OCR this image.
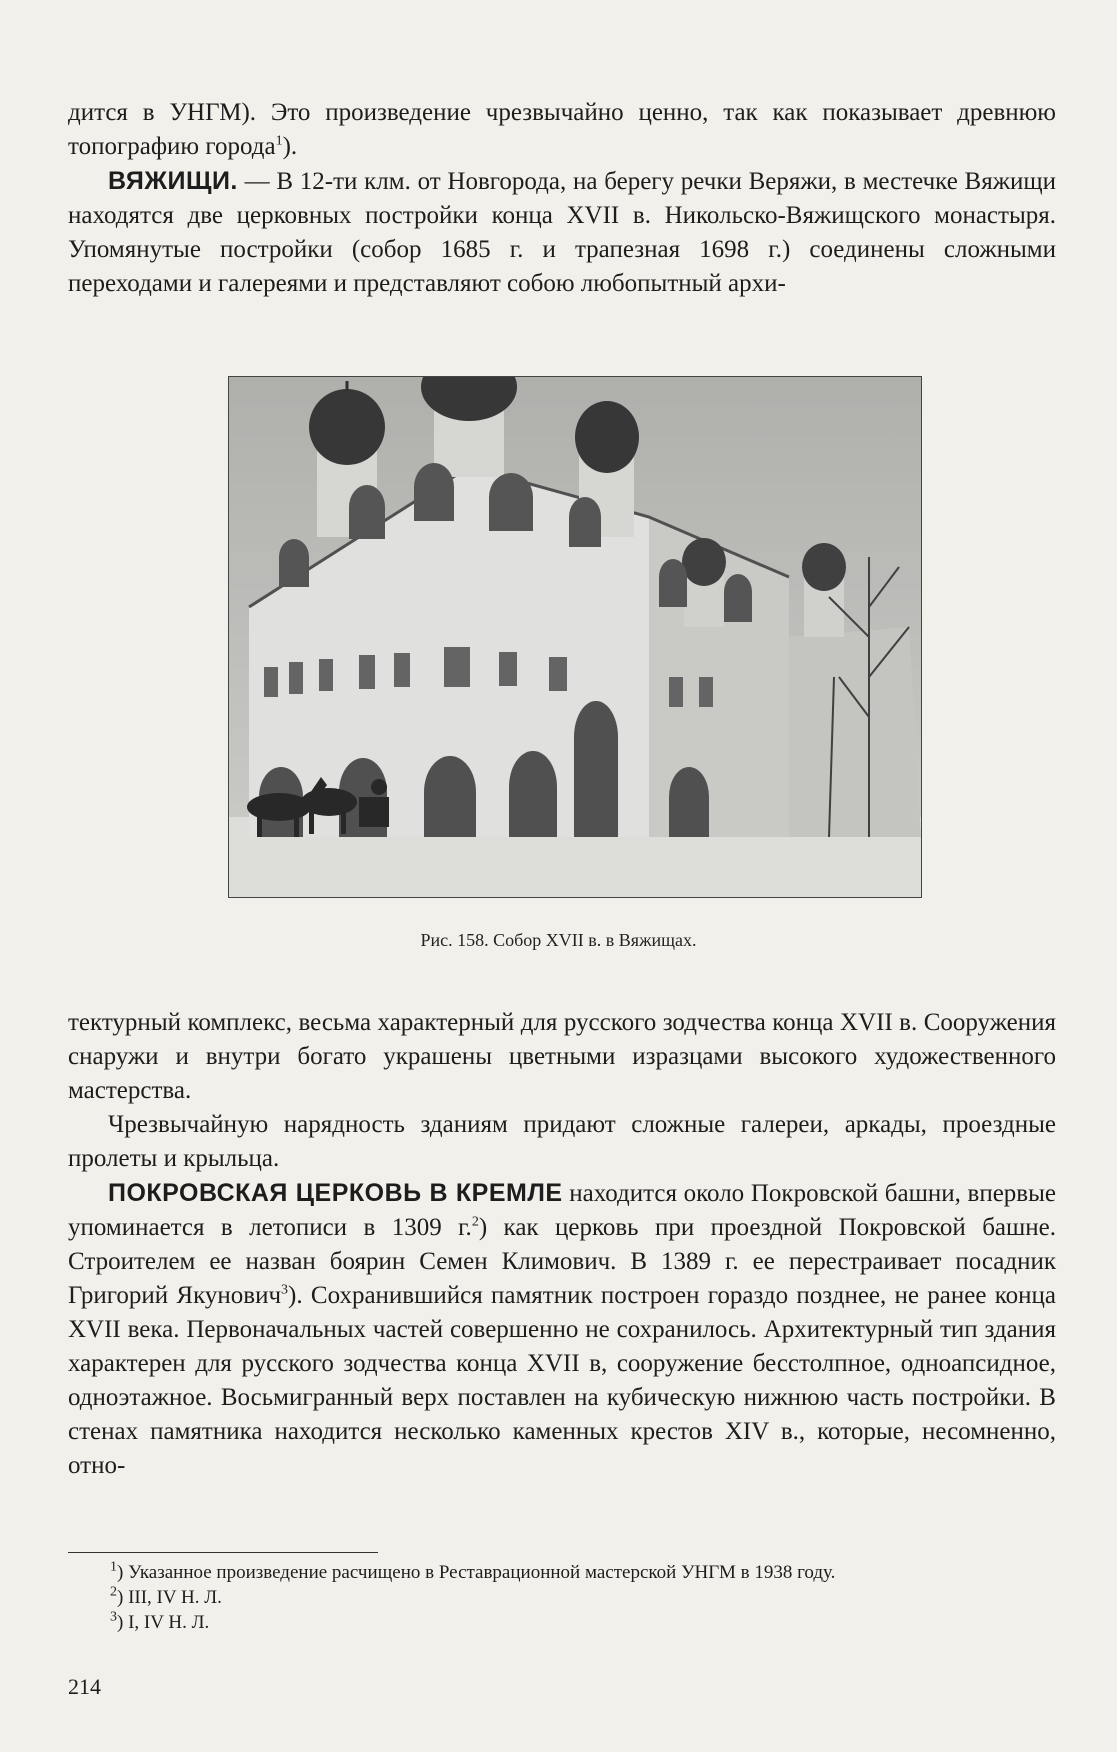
дится в УНГМ). Это произведение чрезвычайно ценно, так как показывает древнюю топографию города$^1$).
ВЯЖИЩИ. — В 12-ти клм. от Новгорода, на берегу речки Веряжи, в местечке Вяжищи находятся две церковных постройки конца XVII в. Никольско-Вяжищского монастыря. Упомянутые постройки (собор 1685 г. и трапезная 1698 г.) соединены сложными переходами и галереями и представляют собою любопытный архи-
Рис. 158. Собор XVII в. в Вяжищах.
тектурный комплекс, весьма характерный для русского зодчества конца XVII в. Сооружения снаружи и внутри богато украшены цветными изразцами высокого художественного мастерства.
Чрезвычайную нарядность зданиям придают сложные галереи, аркады, проездные пролеты и крыльца.
ПОКРОВСКАЯ ЦЕРКОВЬ В КРЕМЛЕ находится около Покровской башни, впервые упоминается в летописи в 1309 г.$^2$) как церковь при проездной Покровской башне. Строителем ее назван боярин Семен Климович. В 1389 г. ее перестраивает посадник Григорий Якунович$^3$). Сохранившийся памятник построен гораздо позднее, не ранее конца XVII века. Первоначальных частей совершенно не сохранилось. Архитектурный тип здания характерен для русского зодчества конца XVII в, сооружение бесстолпное, одноапсидное, одноэтажное. Восьмигранный верх поставлен на кубическую нижнюю часть постройки. В стенах памятника находится несколько каменных крестов XIV в., которые, несомненно, отно-
$^1$) Указанное произведение расчищено в Реставрационной мастерской УНГМ в 1938 году.
$^2$) III, IV Н. Л.
$^3$) I, IV Н. Л.
214
